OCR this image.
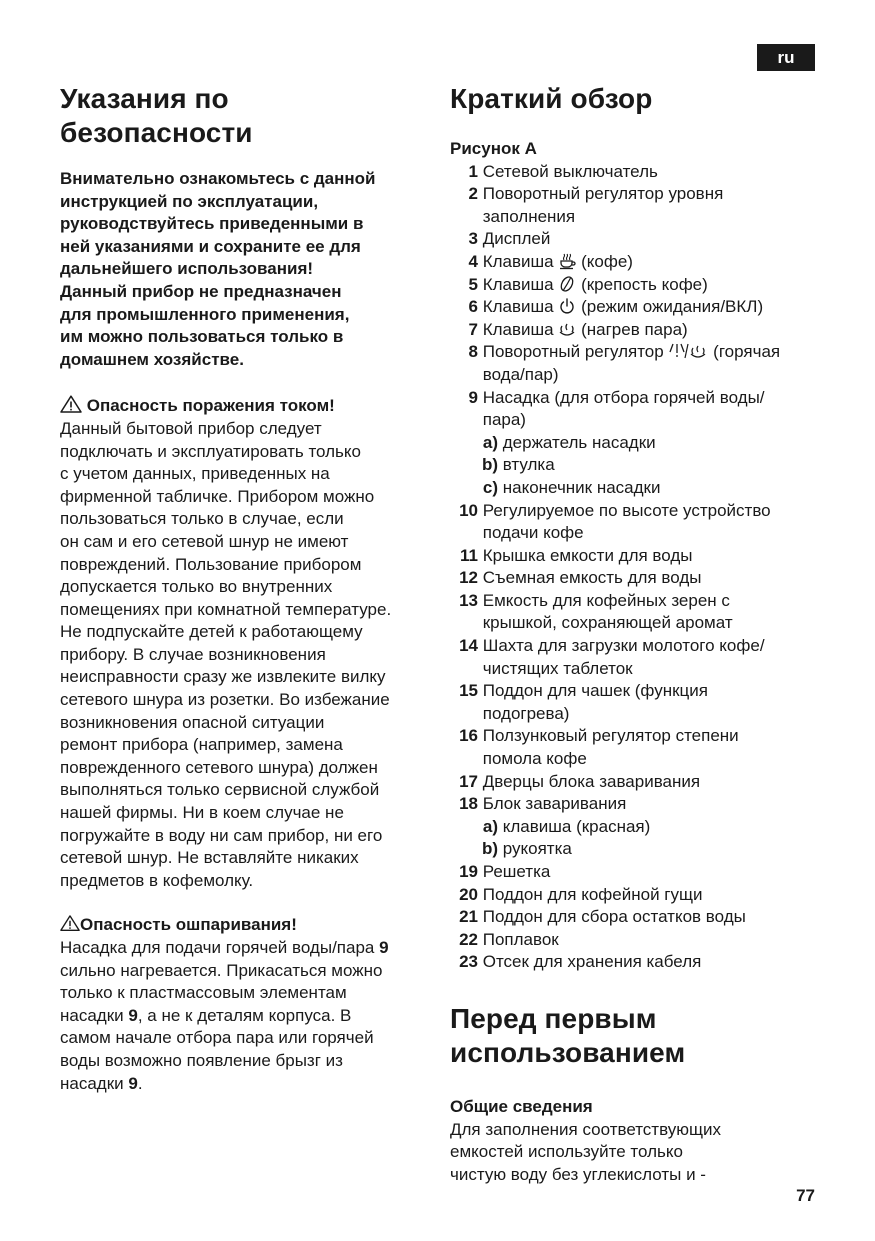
ru
Указания по
безопасности
Внимательно ознакомьтесь с данной
инструкцией по эксплуатации,
руководствуйтесь приведенными в
ней указаниями и сохраните ее для
дальнейшего использования!
Данный прибор не предназначен
для промышленного применения,
им можно пользоваться только в
домашнем хозяйстве.
Опасность поражения током!
Данный бытовой прибор следует
подключать и эксплуатировать только
с учетом данных, приведенных на
фирменной табличке. Прибором можно
пользоваться только в случае, если
он сам и его сетевой шнур не имеют
повреждений. Пользование прибором
допускается только во внутренних
помещениях при комнатной температуре.
Не подпускайте детей к работающему
прибору. В случае возникновения
неисправности сразу же извлеките вилку
сетевого шнура из розетки. Во избежание
возникновения опасной ситуации
ремонт прибора (например, замена
поврежденного сетевого шнура) должен
выполняться только сервисной службой
нашей фирмы. Ни в коем случае не
погружайте в воду ни сам прибор, ни его
сетевой шнур. Не вставляйте никаких
предметов в кофемолку.
Опасность ошпаривания!
Насадка для подачи горячей воды/пара 9
сильно нагревается. Прикасаться можно
только к пластмассовым элементам
насадки 9, а не к деталям корпуса. В
самом начале отбора пара или горячей
воды возможно появление брызг из
насадки 9.
Краткий обзор
Рисунок A
1 Сетевой выключатель
2 Поворотный регулятор уровня
заполнения
3 Дисплей
4 Клавиша  (кофе)
5 Клавиша  (крепость кофе)
6 Клавиша  (режим ожидания/ВКЛ)
7 Клавиша  (нагрев пара)
8 Поворотный регулятор  (горячая
вода/пар)
9 Насадка (для отбора горячей воды/
пара)
a) держатель насадки
b) втулка
c) наконечник насадки
10 Регулируемое по высоте устройство
подачи кофе
11 Крышка емкости для воды
12 Съемная емкость для воды
13 Емкость для кофейных зерен с
крышкой, сохраняющей аромат
14 Шахта для загрузки молотого кофе/
чистящих таблеток
15 Поддон для чашек (функция
подогрева)
16 Ползунковый регулятор степени
помола кофе
17 Дверцы блока заваривания
18 Блок заваривания
a) клавиша (красная)
b) рукоятка
19 Решетка
20 Поддон для кофейной гущи
21 Поддон для сбора остатков воды
22 Поплавок
23 Отсек для хранения кабеля
Перед первым
использованием
Общие сведения
Для заполнения соответствующих
емкостей используйте только
чистую воду без углекислоты и -
77
